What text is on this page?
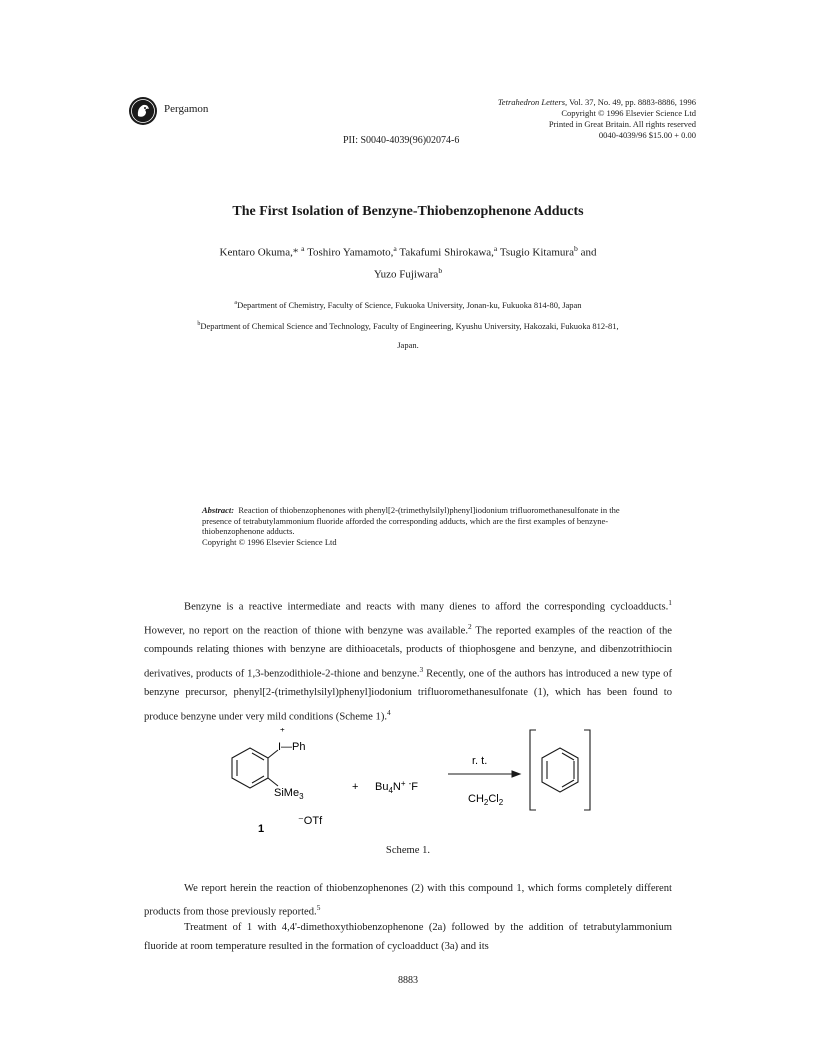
Pergamon
Tetrahedron Letters, Vol. 37, No. 49, pp. 8883-8886, 1996
Copyright © 1996 Elsevier Science Ltd
Printed in Great Britain. All rights reserved
0040-4039/96 $15.00 + 0.00
PII: S0040-4039(96)02074-6
The First Isolation of Benzyne-Thiobenzophenone Adducts
Kentaro Okuma,* $^a$ Toshiro Yamamoto,$^a$ Takafumi Shirokawa,$^a$ Tsugio Kitamura$^b$ and
Yuzo Fujiwara$^b$
$^a$Department of Chemistry, Faculty of Science, Fukuoka University, Jonan-ku, Fukuoka 814-80, Japan
$^b$Department of Chemical Science and Technology, Faculty of Engineering, Kyushu University, Hakozaki, Fukuoka 812-81,
Japan.
Abstract: Reaction of thiobenzophenones with phenyl[2-(trimethylsilyl)phenyl]iodonium trifluoromethanesulfonate in the presence of tetrabutylammonium fluoride afforded the corresponding adducts, which are the first examples of benzyne-thiobenzophenone adducts.
Copyright © 1996 Elsevier Science Ltd
Benzyne is a reactive intermediate and reacts with many dienes to afford the corresponding cycloadducts.$^1$ However, no report on the reaction of thione with benzyne was available.$^2$ The reported examples of the reaction of the compounds relating thiones with benzyne are dithioacetals, products of thiophosgene and benzyne, and dibenzotrithiocin derivatives, products of 1,3-benzodithiole-2-thione and benzyne.$^3$ Recently, one of the authors has introduced a new type of benzyne precursor, phenyl[2-(trimethylsilyl)phenyl]iodonium trifluoromethanesulfonate (1), which has been found to produce benzyne under very mild conditions (Scheme 1).$^4$
+
I—Ph
SiMe$_3$
⁻OTf
1
+ $Bu_4N^+$ -F
r. t.
$CH_2Cl_2$
Scheme 1.
We report herein the reaction of thiobenzophenones (2) with this compound 1, which forms completely different products from those previously reported.$^5$
Treatment of 1 with 4,4'-dimethoxythiobenzophenone (2a) followed by the addition of tetrabutylammonium fluoride at room temperature resulted in the formation of cycloadduct (3a) and its
8883
